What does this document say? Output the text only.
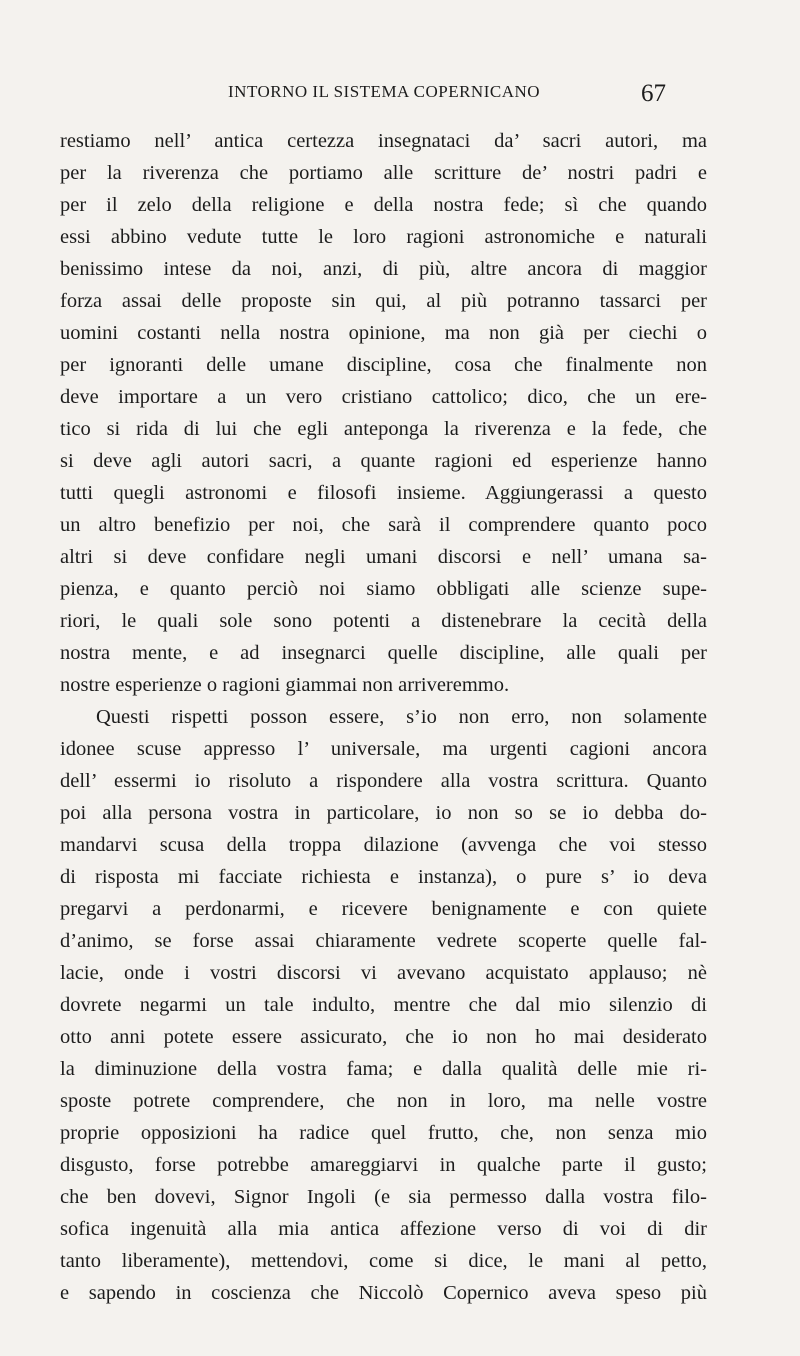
INTORNO IL SISTEMA COPERNICANO	67
restiamo nell’ antica certezza insegnataci da’ sacri autori, ma
per la riverenza che portiamo alle scritture de’ nostri padri e
per il zelo della religione e della nostra fede; sì che quando
essi abbino vedute tutte le loro ragioni astronomiche e naturali
benissimo intese da noi, anzi, di più, altre ancora di maggior
forza assai delle proposte sin qui, al più potranno tassarci per
uomini costanti nella nostra opinione, ma non già per ciechi o
per ignoranti delle umane discipline, cosa che finalmente non
deve importare a un vero cristiano cattolico; dico, che un ere-
tico si rida di lui che egli anteponga la riverenza e la fede, che
si deve agli autori sacri, a quante ragioni ed esperienze hanno
tutti quegli astronomi e filosofi insieme. Aggiungerassi a questo
un altro benefizio per noi, che sarà il comprendere quanto poco
altri si deve confidare negli umani discorsi e nell’ umana sa-
pienza, e quanto perciò noi siamo obbligati alle scienze supe-
riori, le quali sole sono potenti a distenebrare la cecità della
nostra mente, e ad insegnarci quelle discipline, alle quali per
nostre esperienze o ragioni giammai non arriveremmo.
Questi rispetti posson essere, s’io non erro, non solamente
idonee scuse appresso l’ universale, ma urgenti cagioni ancora
dell’ essermi io risoluto a rispondere alla vostra scrittura. Quanto
poi alla persona vostra in particolare, io non so se io debba do-
mandarvi scusa della troppa dilazione (avvenga che voi stesso
di risposta mi facciate richiesta e instanza), o pure s’ io deva
pregarvi a perdonarmi, e ricevere benignamente e con quiete
d’animo, se forse assai chiaramente vedrete scoperte quelle fal-
lacie, onde i vostri discorsi vi avevano acquistato applauso; nè
dovrete negarmi un tale indulto, mentre che dal mio silenzio di
otto anni potete essere assicurato, che io non ho mai desiderato
la diminuzione della vostra fama; e dalla qualità delle mie ri-
sposte potrete comprendere, che non in loro, ma nelle vostre
proprie opposizioni ha radice quel frutto, che, non senza mio
disgusto, forse potrebbe amareggiarvi in qualche parte il gusto;
che ben dovevi, Signor Ingoli (e sia permesso dalla vostra filo-
sofica ingenuità alla mia antica affezione verso di voi di dir
tanto liberamente), mettendovi, come si dice, le mani al petto,
e sapendo in coscienza che Niccolò Copernico aveva speso più
